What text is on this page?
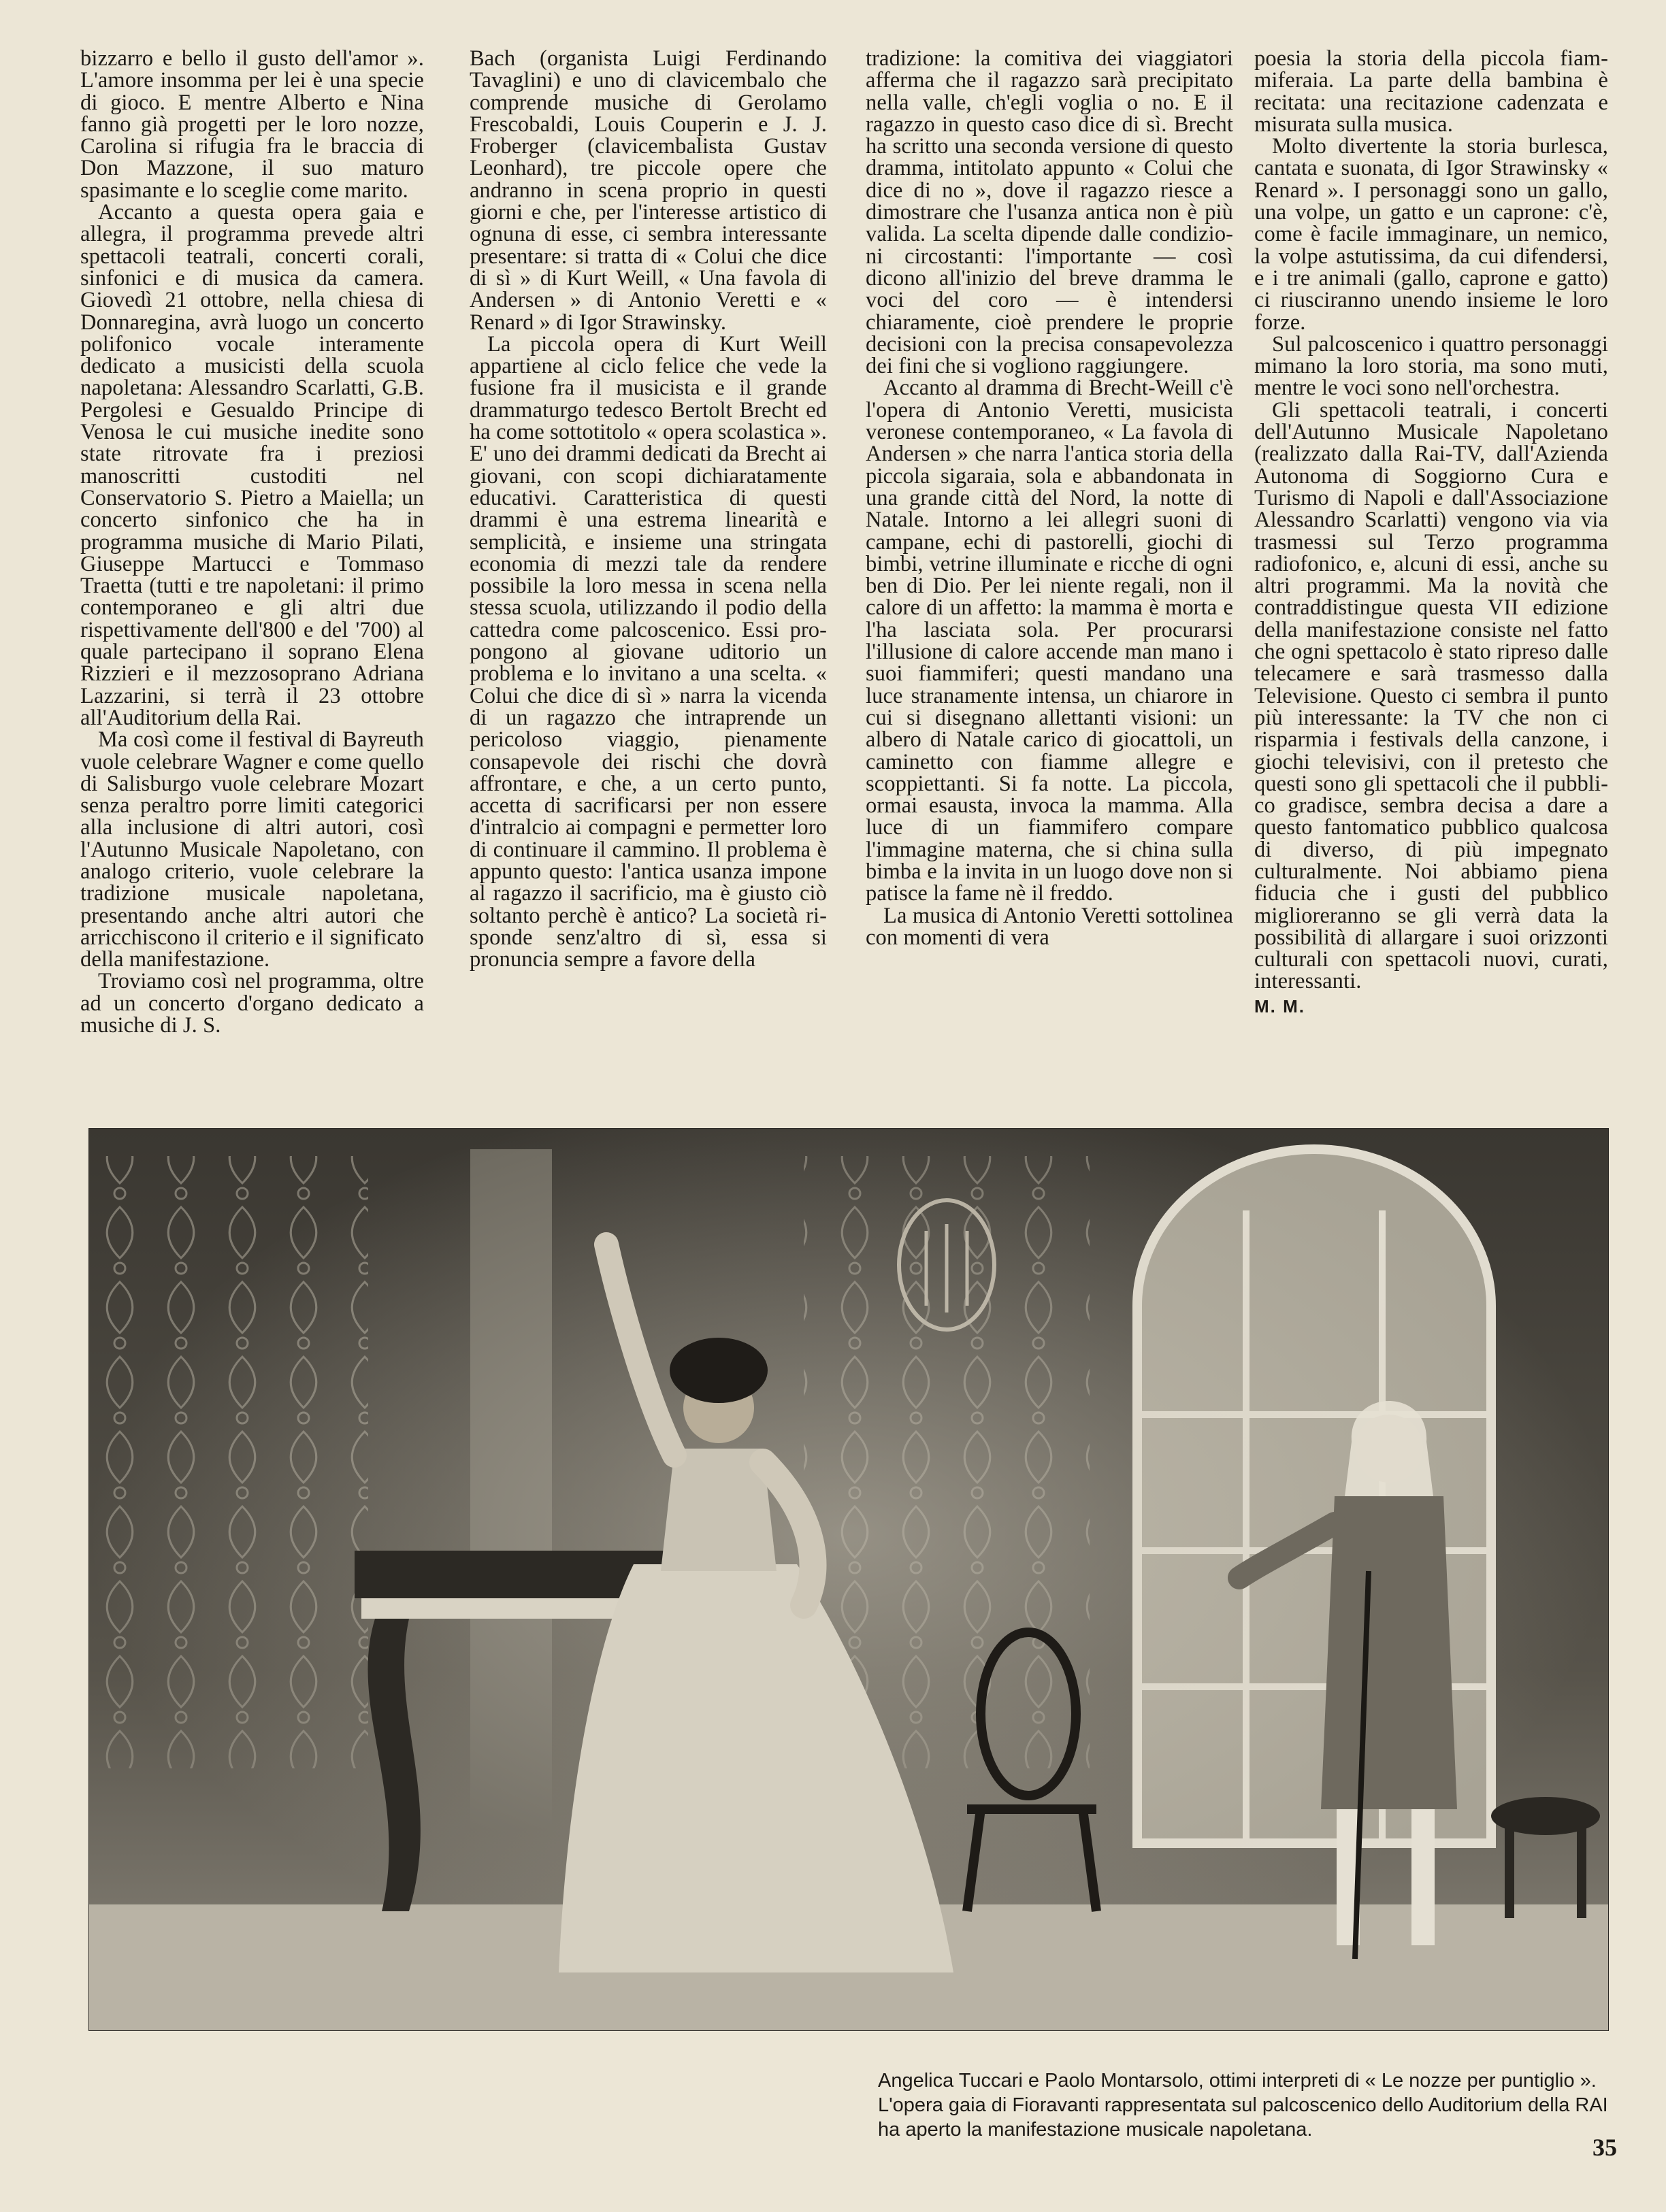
bizzarro e bello il gusto dell'amor ». L'amore insomma per lei è una specie di gioco. E mentre Alberto e Nina fanno già progetti per le loro nozze, Carolina si rifugia fra le braccia di Don Mazzone, il suo maturo spasimante e lo sceglie come marito.

Accanto a questa opera gaia e allegra, il programma prevede altri spettacoli teatrali, concerti corali, sinfonici e di musica da camera. Giovedì 21 ottobre, nella chiesa di Donnaregina, avrà luogo un concerto polifonico vocale interamente dedicato a musicisti della scuola napoletana: Alessandro Scarlatti, G.B. Pergolesi e Gesualdo Principe di Venosa le cui musiche inedite sono state ritrovate fra i preziosi manoscritti custoditi nel Conservatorio S. Pietro a Maiella; un concerto sinfonico che ha in programma musiche di Mario Pilati, Giuseppe Martucci e Tommaso Traetta (tutti e tre napoletani: il primo contemporaneo e gli altri due rispettivamente dell'800 e del '700) al quale partecipano il soprano Elena Rizzieri e il mezzosoprano Adriana Lazzarini, si terrà il 23 ottobre all'Auditorium della Rai.

Ma così come il festival di Bayreuth vuole celebrare Wagner e come quello di Salisburgo vuole celebrare Mozart senza peraltro porre limiti categorici alla inclusione di altri autori, così l'Autunno Musicale Napoletano, con analogo criterio, vuole celebrare la tradizione musicale napoletana, presentando anche altri autori che arricchiscono il criterio e il significato della manifestazione.

Troviamo così nel programma, oltre ad un concerto d'organo dedicato a musiche di J. S.

Bach (organista Luigi Ferdinando Tavaglini) e uno di clavicembalo che comprende musiche di Gerolamo Frescobaldi, Louis Couperin e J. J. Froberger (clavicembalista Gustav Leonhard), tre piccole opere che andranno in scena proprio in questi giorni e che, per l'interesse artistico di ognuna di esse, ci sembra interessante presentare: si tratta di « Colui che dice di sì » di Kurt Weill, « Una favola di Andersen » di Antonio Veretti e « Renard » di Igor Strawinsky.

La piccola opera di Kurt Weill appartiene al ciclo felice che vede la fusione fra il musicista e il grande drammaturgo tedesco Bertolt Brecht ed ha come sottotitolo « opera scolastica ». E' uno dei drammi dedicati da Brecht ai giovani, con scopi dichiaratamente educativi. Caratteristica di questi drammi è una estrema linearità e semplicità, e insieme una stringata economia di mezzi tale da rendere possibile la loro messa in scena nella stessa scuola, utilizzando il podio della cattedra come palcoscenico. Essi propongono al giovane uditorio un problema e lo invitano a una scelta. « Colui che dice di sì » narra la vicenda di un ragazzo che intraprende un pericoloso viaggio, pienamente consapevole dei rischi che dovrà affrontare, e che, a un certo punto, accetta di sacrificarsi per non essere d'intralcio ai compagni e permetter loro di continuare il cammino. Il problema è appunto questo: l'antica usanza impone al ragazzo il sacrificio, ma è giusto ciò soltanto perchè è antico? La società risponde senz'altro di sì, essa si pronuncia sempre a favore della

tradizione: la comitiva dei viaggiatori afferma che il ragazzo sarà precipitato nella valle, ch'egli voglia o no. E il ragazzo in questo caso dice di sì. Brecht ha scritto una seconda versione di questo dramma, intitolato appunto « Colui che dice di no », dove il ragazzo riesce a dimostrare che l'usanza antica non è più valida. La scelta dipende dalle condizioni circostanti: l'importante — così dicono all'inizio del breve dramma le voci del coro — è intendersi chiaramente, cioè prendere le proprie decisioni con la precisa consapevolezza dei fini che si vogliono raggiungere.

Accanto al dramma di Brecht-Weill c'è l'opera di Antonio Veretti, musicista veronese contemporaneo, « La favola di Andersen » che narra l'antica storia della piccola sigaraia, sola e abbandonata in una grande città del Nord, la notte di Natale. Intorno a lei allegri suoni di campane, echi di pastorelli, giochi di bimbi, vetrine illuminate e ricche di ogni ben di Dio. Per lei niente regali, non il calore di un affetto: la mamma è morta e l'ha lasciata sola. Per procurarsi l'illusione di calore accende man mano i suoi fiammiferi; questi mandano una luce stranamente intensa, un chiarore in cui si disegnano allettanti visioni: un albero di Natale carico di giocattoli, un caminetto con fiamme allegre e scoppiettanti. Si fa notte. La piccola, ormai esausta, invoca la mamma. Alla luce di un fiammifero compare l'immagine materna, che si china sulla bimba e la invita in un luogo dove non si patisce la fame nè il freddo.

La musica di Antonio Veretti sottolinea con momenti di vera

poesia la storia della piccola fiammiferaia. La parte della bambina è recitata: una recitazione cadenzata e misurata sulla musica.

Molto divertente la storia burlesca, cantata e suonata, di Igor Strawinsky « Renard ». I personaggi sono un gallo, una volpe, un gatto e un caprone: c'è, come è facile immaginare, un nemico, la volpe astutissima, da cui difendersi, e i tre animali (gallo, caprone e gatto) ci riusciranno unendo insieme le loro forze.

Sul palcoscenico i quattro personaggi mimano la loro storia, ma sono muti, mentre le voci sono nell'orchestra.

Gli spettacoli teatrali, i concerti dell'Autunno Musicale Napoletano (realizzato dalla Rai-TV, dall'Azienda Autonoma di Soggiorno Cura e Turismo di Napoli e dall'Associazione Alessandro Scarlatti) vengono via via trasmessi sul Terzo programma radiofonico, e, alcuni di essi, anche su altri programmi. Ma la novità che contraddistingue questa VII edizione della manifestazione consiste nel fatto che ogni spettacolo è stato ripreso dalle telecamere e sarà trasmesso dalla Televisione. Questo ci sembra il punto più interessante: la TV che non ci risparmia i festivals della canzone, i giochi televisivi, con il pretesto che questi sono gli spettacoli che il pubblico gradisce, sembra decisa a dare a questo fantomatico pubblico qualcosa di diverso, di più impegnato culturalmente. Noi abbiamo piena fiducia che i gusti del pubblico miglioreranno se gli verrà data la possibilità di allargare i suoi orizzonti culturali con spettacoli nuovi, curati, interessanti.

M. M.
Angelica Tuccari e Paolo Montarsolo, ottimi interpreti di « Le nozze per puntiglio ». L'opera gaia di Fioravanti rappresentata sul palcoscenico dello Auditorium della RAI ha aperto la manifestazione musicale napoletana.
35
